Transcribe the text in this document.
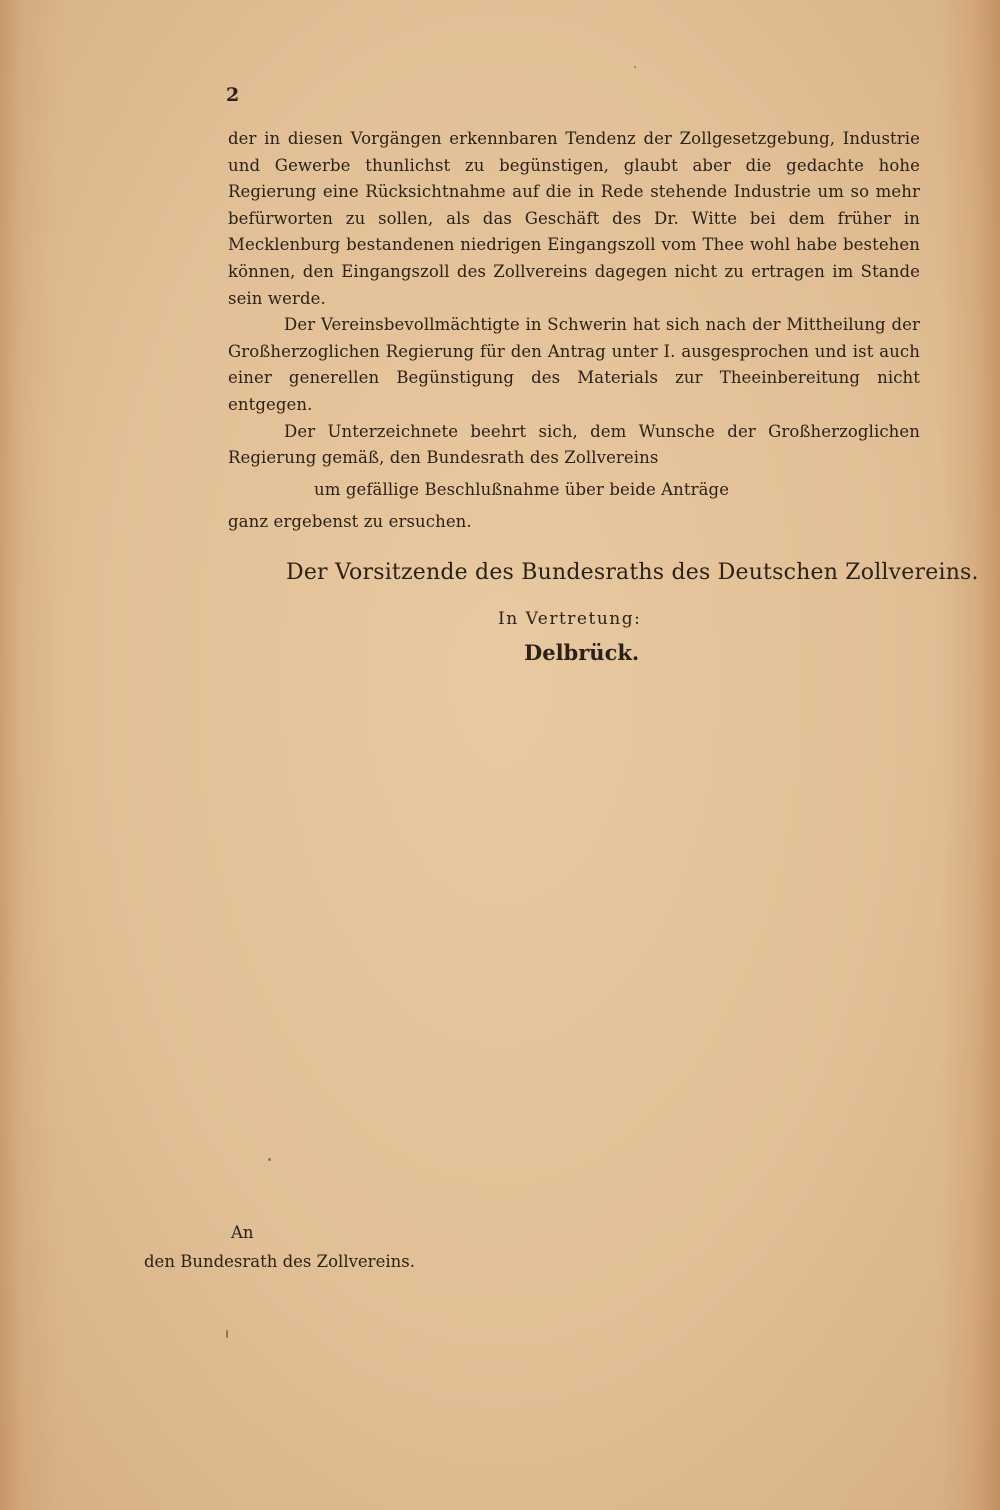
2

der in diesen Vorgängen erkennbaren Tendenz der Zollgesetzgebung, Industrie und Gewerbe thunlichst zu begünstigen, glaubt aber die gedachte hohe Regierung eine Rücksichtnahme auf die in Rede stehende Industrie um so mehr befürworten zu sollen, als das Geschäft des Dr. Witte bei dem früher in Mecklenburg bestandenen niedrigen Eingangszoll vom Thee wohl habe bestehen können, den Eingangszoll des Zollvereins dagegen nicht zu ertragen im Stande sein werde.

Der Vereinsbevollmächtigte in Schwerin hat sich nach der Mittheilung der Großherzoglichen Regierung für den Antrag unter I. ausgesprochen und ist auch einer generellen Begünstigung des Materials zur Theeinbereitung nicht entgegen.

Der Unterzeichnete beehrt sich, dem Wunsche der Großherzoglichen Regierung gemäß, den Bundesrath des Zollvereins

um gefällige Beschlußnahme über beide Anträge

ganz ergebenst zu ersuchen.

Der Vorsitzende des Bundesraths des Deutschen Zollvereins.
In Vertretung:
Delbrück.
An
den Bundesrath des Zollvereins.
